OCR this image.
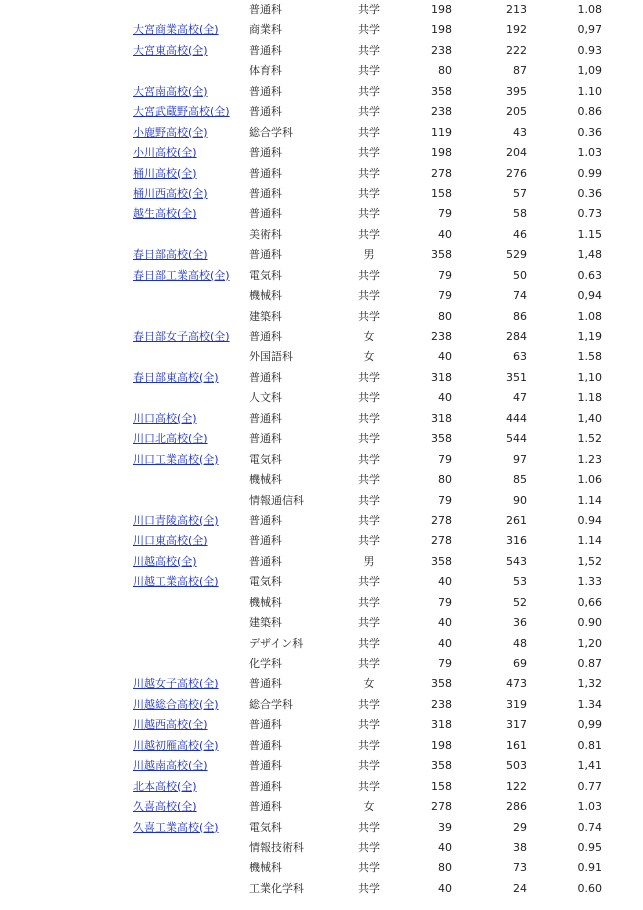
普通科	共学	198	213	1.08
大宮商業高校(全)	商業科	共学	198	192	0,97
大宮東高校(全)	普通科	共学	238	222	0.93
体育科	共学	80	87	1,09
大宮南高校(全)	普通科	共学	358	395	1.10
大宮武蔵野高校(全) 普通科	共学	238	205	0.86
小鹿野高校(全)	総合学科	共学	119	43	0.36
小川高校(全)	普通科	共学	198	204	1.03
桶川高校(全)	普通科	共学	278	276	0.99
桶川西高校(全)	普通科	共学	158	57	0.36
越生高校(全)	普通科	共学	79	58	0.73
美術科	共学	40	46	1.15
春日部高校(全)	普通科	男	358	529	1,48
春日部工業高校(全) 電気科	共学	79	50	0.63
機械科	共学	79	74	0,94
建築科	共学	80	86	1.08
春日部女子高校(全) 普通科	女	238	284	1,19
外国語科	女	40	63	1.58
春日部東高校(全)	普通科	共学	318	351	1,10
人文科	共学	40	47	1.18
川口高校(全)	普通科	共学	318	444	1,40
川口北高校(全)	普通科	共学	358	544	1.52
川口工業高校(全)	電気科	共学	79	97	1.23
機械科	共学	80	85	1.06
情報通信科	共学	79	90	1.14
川口青陵高校(全)	普通科	共学	278	261	0.94
川口東高校(全)	普通科	共学	278	316	1.14
川越高校(全)	普通科	男	358	543	1,52
川越工業高校(全)	電気科	共学	40	53	1.33
機械科	共学	79	52	0,66
建築科	共学	40	36	0.90
デザイン科	共学	40	48	1,20
化学科	共学	79	69	0.87
川越女子高校(全)	普通科	女	358	473	1,32
川越総合高校(全)	総合学科	共学	238	319	1.34
川越西高校(全)	普通科	共学	318	317	0,99
川越初雁高校(全)	普通科	共学	198	161	0.81
川越南高校(全)	普通科	共学	358	503	1,41
北本高校(全)	普通科	共学	158	122	0.77
久喜高校(全)	普通科	女	278	286	1.03
久喜工業高校(全)	電気科	共学	39	29	0.74
情報技術科	共学	40	38	0.95
機械科	共学	80	73	0.91
工業化学科	共学	40	24	0.60
